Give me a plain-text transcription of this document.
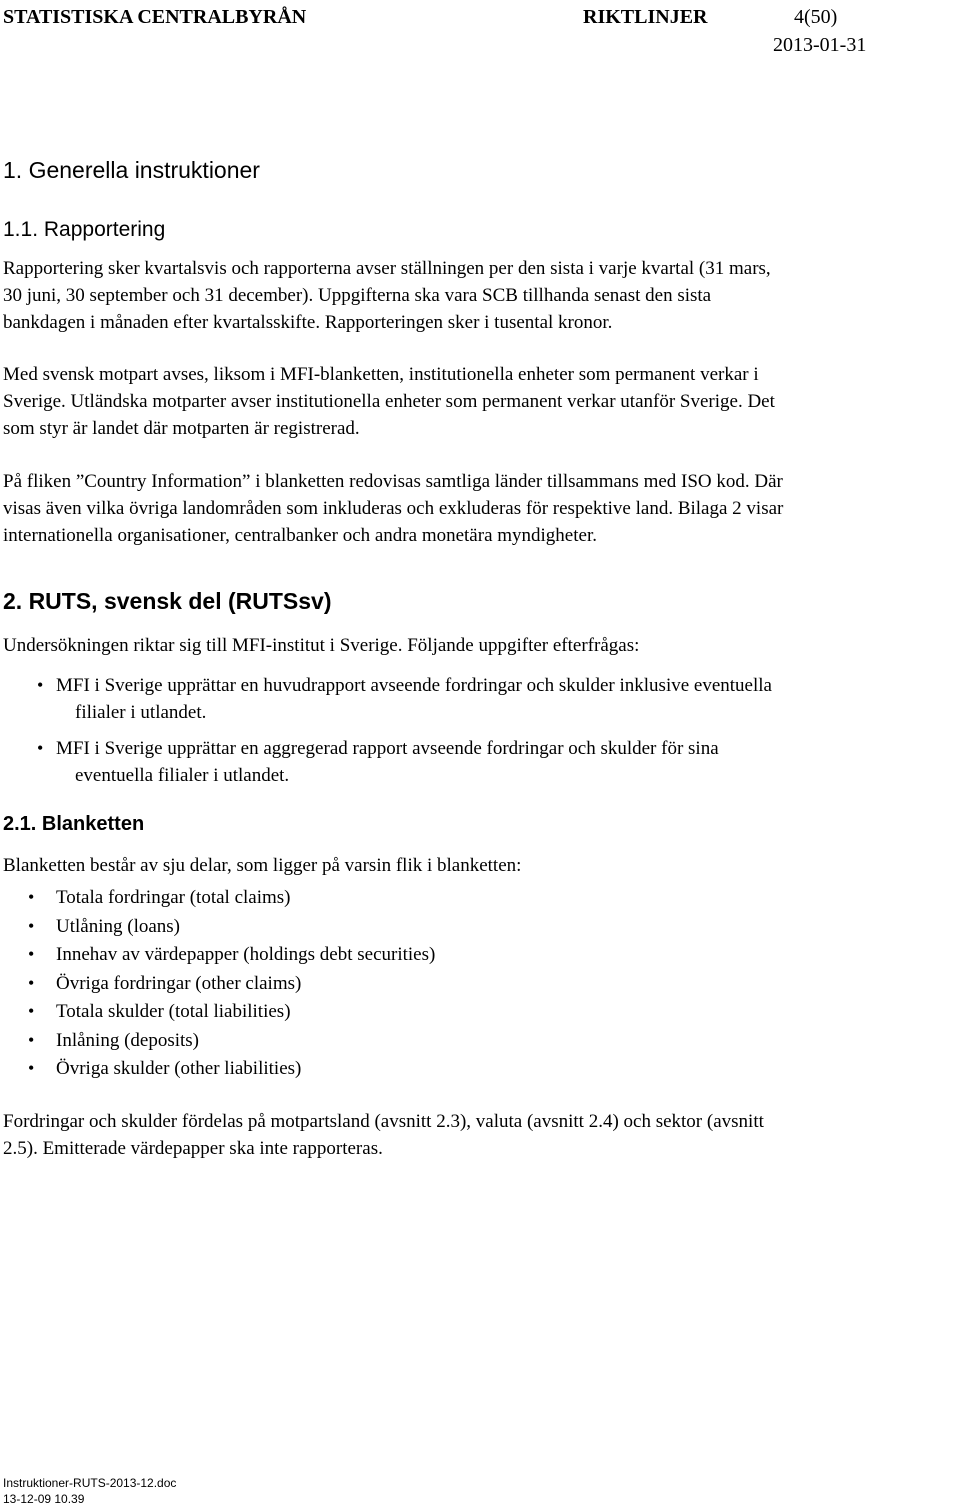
STATISTISKA CENTRALBYRÅN	RIKTLINJER	4(50)
2013-01-31
1. Generella instruktioner
1.1. Rapportering
Rapportering sker kvartalsvis och rapporterna avser ställningen per den sista i varje kvartal (31 mars,
30 juni, 30 september och 31 december). Uppgifterna ska vara SCB tillhanda senast den sista
bankdagen i månaden efter kvartalsskifte. Rapporteringen sker i tusental kronor.
Med svensk motpart avses, liksom i MFI-blanketten, institutionella enheter som permanent verkar i
Sverige. Utländska motparter avser institutionella enheter som permanent verkar utanför Sverige. Det
som styr är landet där motparten är registrerad.
På fliken ”Country Information” i blanketten redovisas samtliga länder tillsammans med ISO kod. Där
visas även vilka övriga landområden som inkluderas och exkluderas för respektive land. Bilaga 2 visar
internationella organisationer, centralbanker och andra monetära myndigheter.
2. RUTS, svensk del (RUTSsv)
Undersökningen riktar sig till MFI-institut i Sverige. Följande uppgifter efterfrågas:
• MFI i Sverige upprättar en huvudrapport avseende fordringar och skulder inklusive eventuella
filialer i utlandet.
• MFI i Sverige upprättar en aggregerad rapport avseende fordringar och skulder för sina
eventuella filialer i utlandet.
2.1. Blanketten
Blanketten består av sju delar, som ligger på varsin flik i blanketten:
• Totala fordringar (total claims)
• Utlåning (loans)
• Innehav av värdepapper (holdings debt securities)
• Övriga fordringar (other claims)
• Totala skulder (total liabilities)
• Inlåning (deposits)
• Övriga skulder (other liabilities)
Fordringar och skulder fördelas på motpartsland (avsnitt 2.3), valuta (avsnitt 2.4) och sektor (avsnitt
2.5). Emitterade värdepapper ska inte rapporteras.
Instruktioner-RUTS-2013-12.doc
13-12-09 10.39
